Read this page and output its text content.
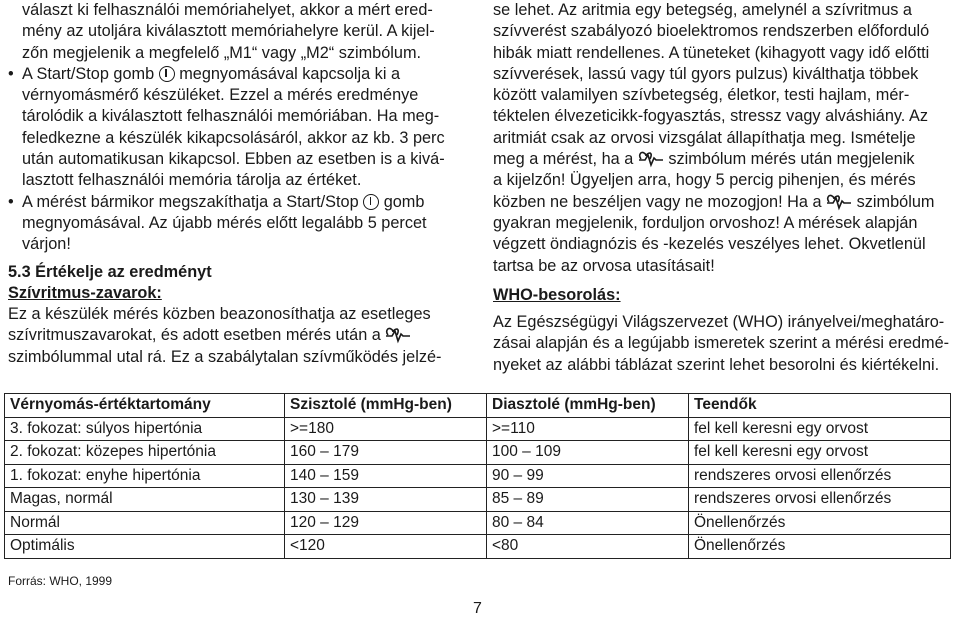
választ ki felhasználói memóriahelyet, akkor a mért ered-
mény az utoljára kiválasztott memóriahelyre kerül. A kijel-
zőn megjelenik a megfelelő „M1“ vagy „M2“ szimbólum.
• A Start/Stop gomb megnyomásával kapcsolja ki a
vérnyomásmérő készüléket. Ezzel a mérés eredménye
tárolódik a kiválasztott felhasználói memóriában. Ha meg-
feledkezne a készülék kikapcsolásáról, akkor az kb. 3 perc
után automatikusan kikapcsol. Ebben az esetben is a kivá-
lasztott felhasználói memória tárolja az értéket.
• A mérést bármikor megszakíthatja a Start/Stop gomb
megnyomásával. Az újabb mérés előtt legalább 5 percet
várjon!
5.3 Értékelje az eredményt
Szívritmus-zavarok:
Ez a készülék mérés közben beazonosíthatja az esetleges
szívritmuszavarokat, és adott esetben mérés után a
szimbólummal utal rá. Ez a szabálytalan szívműködés jelzé-
se lehet. Az aritmia egy betegség, amelynél a szívritmus a
szívverést szabályozó bioelektromos rendszerben előforduló
hibák miatt rendellenes. A tüneteket (kihagyott vagy idő előtti
szívverések, lassú vagy túl gyors pulzus) kiválthatja többek
között valamilyen szívbetegség, életkor, testi hajlam, mér-
téktelen élvezeticikk-fogyasztás, stressz vagy alváshiány. Az
aritmiát csak az orvosi vizsgálat állapíthatja meg. Ismételje
meg a mérést, ha a szimbólum mérés után megjelenik
a kijelzőn! Ügyeljen arra, hogy 5 percig pihenjen, és mérés
közben ne beszéljen vagy ne mozogjon! Ha a szimbólum
gyakran megjelenik, forduljon orvoshoz! A mérések alapján
végzett öndiagnózis és -kezelés veszélyes lehet. Okvetlenül
tartsa be az orvosa utasításait!
WHO-besorolás:
Az Egészségügyi Világszervezet (WHO) irányelvei/meghatáro-
zásai alapján és a legújabb ismeretek szerint a mérési eredmé-
nyeket az alábbi táblázat szerint lehet besorolni és kiértékelni.
Vérnyomás-értéktartomány	Szisztolé (mmHg-ben)	Diasztolé (mmHg-ben)	Teendők
3. fokozat: súlyos hipertónia	>=180	>=110	fel kell keresni egy orvost
2. fokozat: közepes hipertónia	160 – 179	100 – 109	fel kell keresni egy orvost
1. fokozat: enyhe hipertónia	140 – 159	90 – 99	rendszeres orvosi ellenőrzés
Magas, normál	130 – 139	85 – 89	rendszeres orvosi ellenőrzés
Normál	120 – 129	80 – 84	Önellenőrzés
Optimális	<120	<80	Önellenőrzés
Forrás: WHO, 1999
7
